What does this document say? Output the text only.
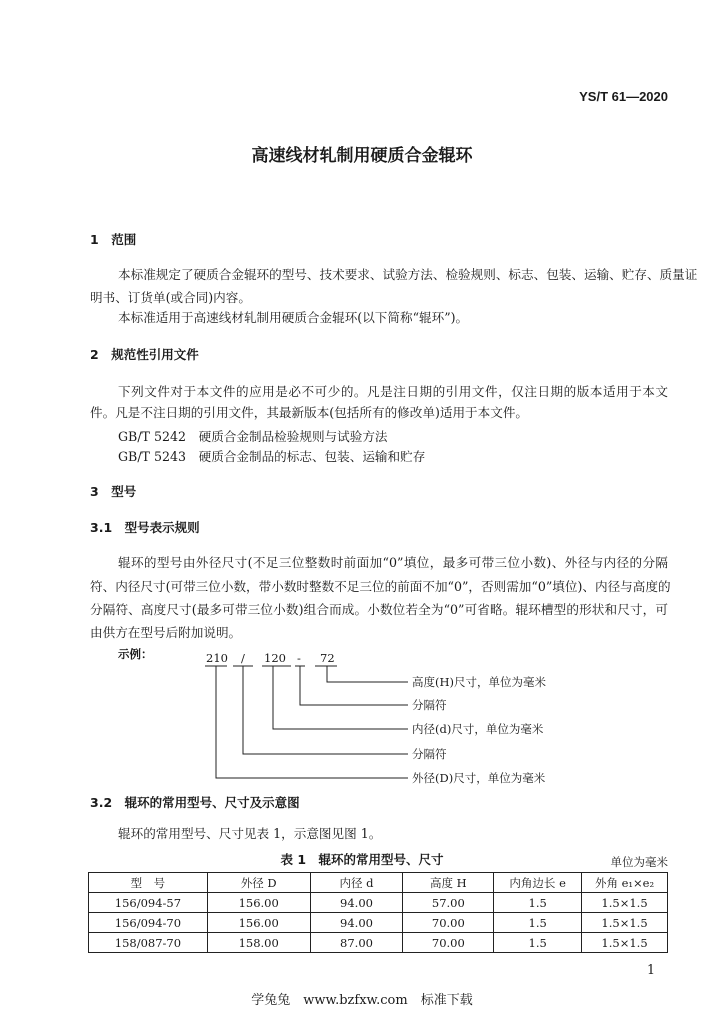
YS/T 61—2020
高速线材轧制用硬质合金辊环
1　范围
本标准规定了硬质合金辊环的型号、技术要求、试验方法、检验规则、标志、包装、运输、贮存、质量证
明书、订货单(或合同)内容。
本标准适用于高速线材轧制用硬质合金辊环(以下简称“辊环”)。
2　规范性引用文件
下列文件对于本文件的应用是必不可少的。凡是注日期的引用文件，仅注日期的版本适用于本文
件。凡是不注日期的引用文件，其最新版本(包括所有的修改单)适用于本文件。
GB/T 5242　硬质合金制品检验规则与试验方法
GB/T 5243　硬质合金制品的标志、包装、运输和贮存
3　型号
3.1　型号表示规则
辊环的型号由外径尺寸(不足三位整数时前面加“0”填位，最多可带三位小数)、外径与内径的分隔
符、内径尺寸(可带三位小数，带小数时整数不足三位的前面不加“0”，否则需加“0”填位)、内径与高度的
分隔符、高度尺寸(最多可带三位小数)组合而成。小数位若全为“0”可省略。辊环槽型的形状和尺寸，可
由供方在型号后附加说明。
示例：	210 / 120 - 72
高度(H)尺寸，单位为毫米
分隔符
内径(d)尺寸，单位为毫米
分隔符
外径(D)尺寸，单位为毫米
3.2　辊环的常用型号、尺寸及示意图
辊环的常用型号、尺寸见表 1，示意图见图 1。
表 1　辊环的常用型号、尺寸	单位为毫米
型　号	外径 D	内径 d	高度 H	内角边长 e	外角 e₁×e₂
156/094-57	156.00	94.00	57.00	1.5	1.5×1.5
156/094-70	156.00	94.00	70.00	1.5	1.5×1.5
158/087-70	158.00	87.00	70.00	1.5	1.5×1.5
1
学兔兔　www.bzfxw.com　标准下载
